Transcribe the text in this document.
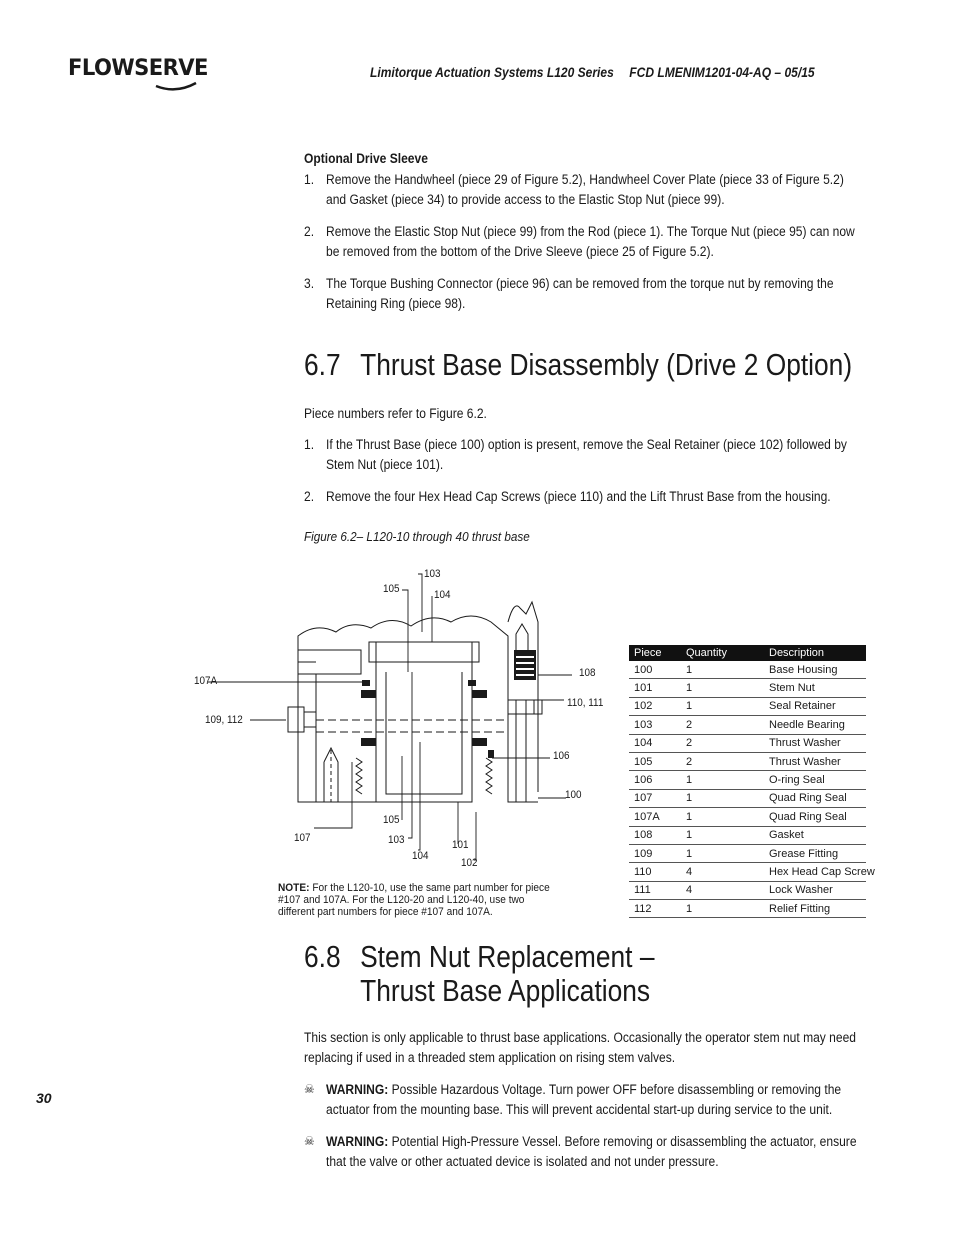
FLOWSERVE	Limitorque Actuation Systems L120 Series FCD LMENIM1201-04-AQ – 05/15
Optional Drive Sleeve
1. Remove the Handwheel (piece 29 of Figure 5.2), Handwheel Cover Plate (piece 33 of Figure 5.2)
and Gasket (piece 34) to provide access to the Elastic Stop Nut (piece 99).
2. Remove the Elastic Stop Nut (piece 99) from the Rod (piece 1). The Torque Nut (piece 95) can now
be removed from the bottom of the Drive Sleeve (piece 25 of Figure 5.2).
3. The Torque Bushing Connector (piece 96) can be removed from the torque nut by removing the
Retaining Ring (piece 98).
6.7 Thrust Base Disassembly (Drive 2 Option)
Piece numbers refer to Figure 6.2.
1. If the Thrust Base (piece 100) option is present, remove the Seal Retainer (piece 102) followed by
Stem Nut (piece 101).
2. Remove the four Hex Head Cap Screws (piece 110) and the Lift Thrust Base from the housing.
Figure 6.2– L120-10 through 40 thrust base
103
105	104
107A
109, 112
108
110, 111
106
100
105
107	103	101
104
102
NOTE: For the L120-10, use the same part number for piece #107 and 107A. For the L120-20 and L120-40, use two different part numbers for piece #107 and 107A.
Piece	Quantity	Description
100	1	Base Housing
101	1	Stem Nut
102	1	Seal Retainer
103	2	Needle Bearing
104	2	Thrust Washer
105	2	Thrust Washer
106	1	O-ring Seal
107	1	Quad Ring Seal
107A	1	Quad Ring Seal
108	1	Gasket
109	1	Grease Fitting
110	4	Hex Head Cap Screw
111	4	Lock Washer
112	1	Relief Fitting
6.8 Stem Nut Replacement –
Thrust Base Applications
This section is only applicable to thrust base applications. Occasionally the operator stem nut may need
replacing if used in a threaded stem application on rising stem valves.
30
☠ WARNING: Possible Hazardous Voltage. Turn power OFF before disassembling or removing the
actuator from the mounting base. This will prevent accidental start-up during service to the unit.
☠ WARNING: Potential High-Pressure Vessel. Before removing or disassembling the actuator, ensure
that the valve or other actuated device is isolated and not under pressure.
